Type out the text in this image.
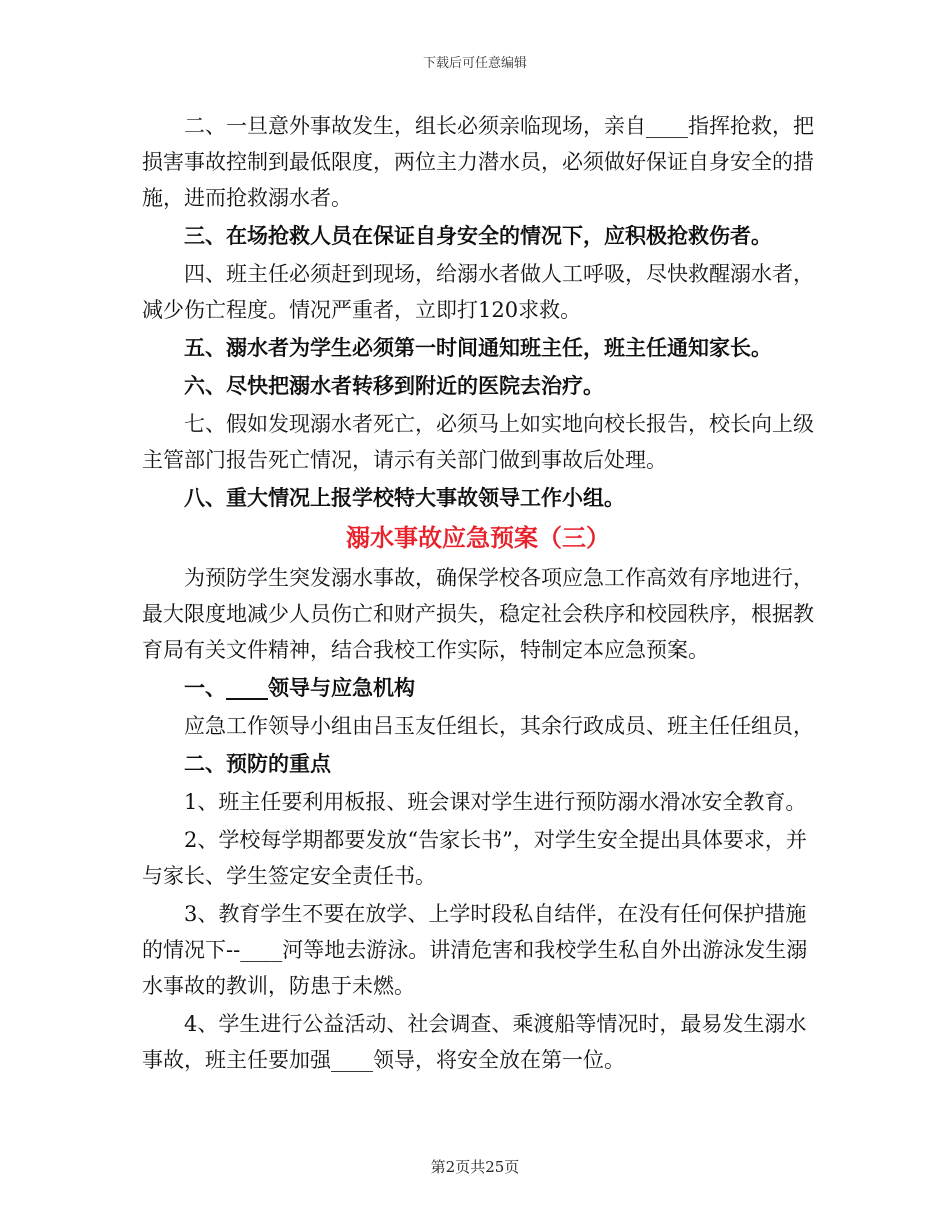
下载后可任意编辑

二、一旦意外事故发生，组长必须亲临现场，亲自____指挥抢救，把损害事故控制到最低限度，两位主力潜水员，必须做好保证自身安全的措施，进而抢救溺水者。

三、在场抢救人员在保证自身安全的情况下，应积极抢救伤者。

四、班主任必须赶到现场，给溺水者做人工呼吸，尽快救醒溺水者，减少伤亡程度。情况严重者，立即打120求救。

五、溺水者为学生必须第一时间通知班主任，班主任通知家长。

六、尽快把溺水者转移到附近的医院去治疗。

七、假如发现溺水者死亡，必须马上如实地向校长报告，校长向上级主管部门报告死亡情况，请示有关部门做到事故后处理。

八、重大情况上报学校特大事故领导工作小组。

溺水事故应急预案（三）

为预防学生突发溺水事故，确保学校各项应急工作高效有序地进行，最大限度地减少人员伤亡和财产损失，稳定社会秩序和校园秩序，根据教育局有关文件精神，结合我校工作实际，特制定本应急预案。

一、____领导与应急机构

应急工作领导小组由吕玉友任组长，其余行政成员、班主任任组员，

二、预防的重点

1、班主任要利用板报、班会课对学生进行预防溺水滑冰安全教育。

2、学校每学期都要发放“告家长书”，对学生安全提出具体要求，并与家长、学生签定安全责任书。

3、教育学生不要在放学、上学时段私自结伴，在没有任何保护措施的情况下--____河等地去游泳。讲清危害和我校学生私自外出游泳发生溺水事故的教训，防患于未燃。

4、学生进行公益活动、社会调查、乘渡船等情况时，最易发生溺水事故，班主任要加强____领导，将安全放在第一位。

第2页共25页
